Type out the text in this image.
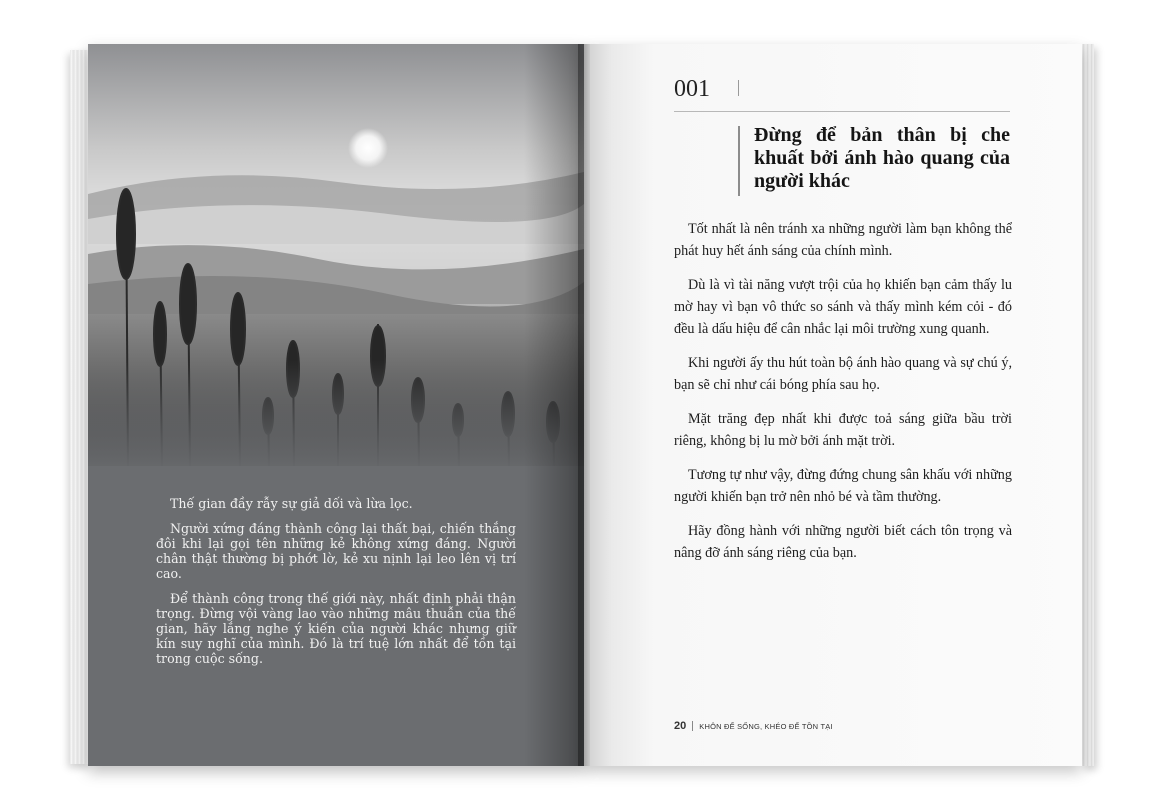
Thế gian đầy rẫy sự giả dối và lừa lọc.

Người xứng đáng thành công lại thất bại, chiến thắng đôi khi lại gọi tên những kẻ không xứng đáng. Người chân thật thường bị phớt lờ, kẻ xu nịnh lại leo lên vị trí cao.

Để thành công trong thế giới này, nhất định phải thận trọng. Đừng vội vàng lao vào những mâu thuẫn của thế gian, hãy lắng nghe ý kiến của người khác nhưng giữ kín suy nghĩ của mình. Đó là trí tuệ lớn nhất để tồn tại trong cuộc sống.

001
Đừng để bản thân bị che khuất bởi ánh hào quang của người khác

Tốt nhất là nên tránh xa những người làm bạn không thể phát huy hết ánh sáng của chính mình.

Dù là vì tài năng vượt trội của họ khiến bạn cảm thấy lu mờ hay vì bạn vô thức so sánh và thấy mình kém cỏi - đó đều là dấu hiệu để cân nhắc lại môi trường xung quanh.

Khi người ấy thu hút toàn bộ ánh hào quang và sự chú ý, bạn sẽ chỉ như cái bóng phía sau họ.

Mặt trăng đẹp nhất khi được toả sáng giữa bầu trời riêng, không bị lu mờ bởi ánh mặt trời.

Tương tự như vậy, đừng đứng chung sân khấu với những người khiến bạn trở nên nhỏ bé và tầm thường.

Hãy đồng hành với những người biết cách tôn trọng và nâng đỡ ánh sáng riêng của bạn.

20 KHÔN ĐỂ SỐNG, KHÉO ĐỂ TỒN TẠI
